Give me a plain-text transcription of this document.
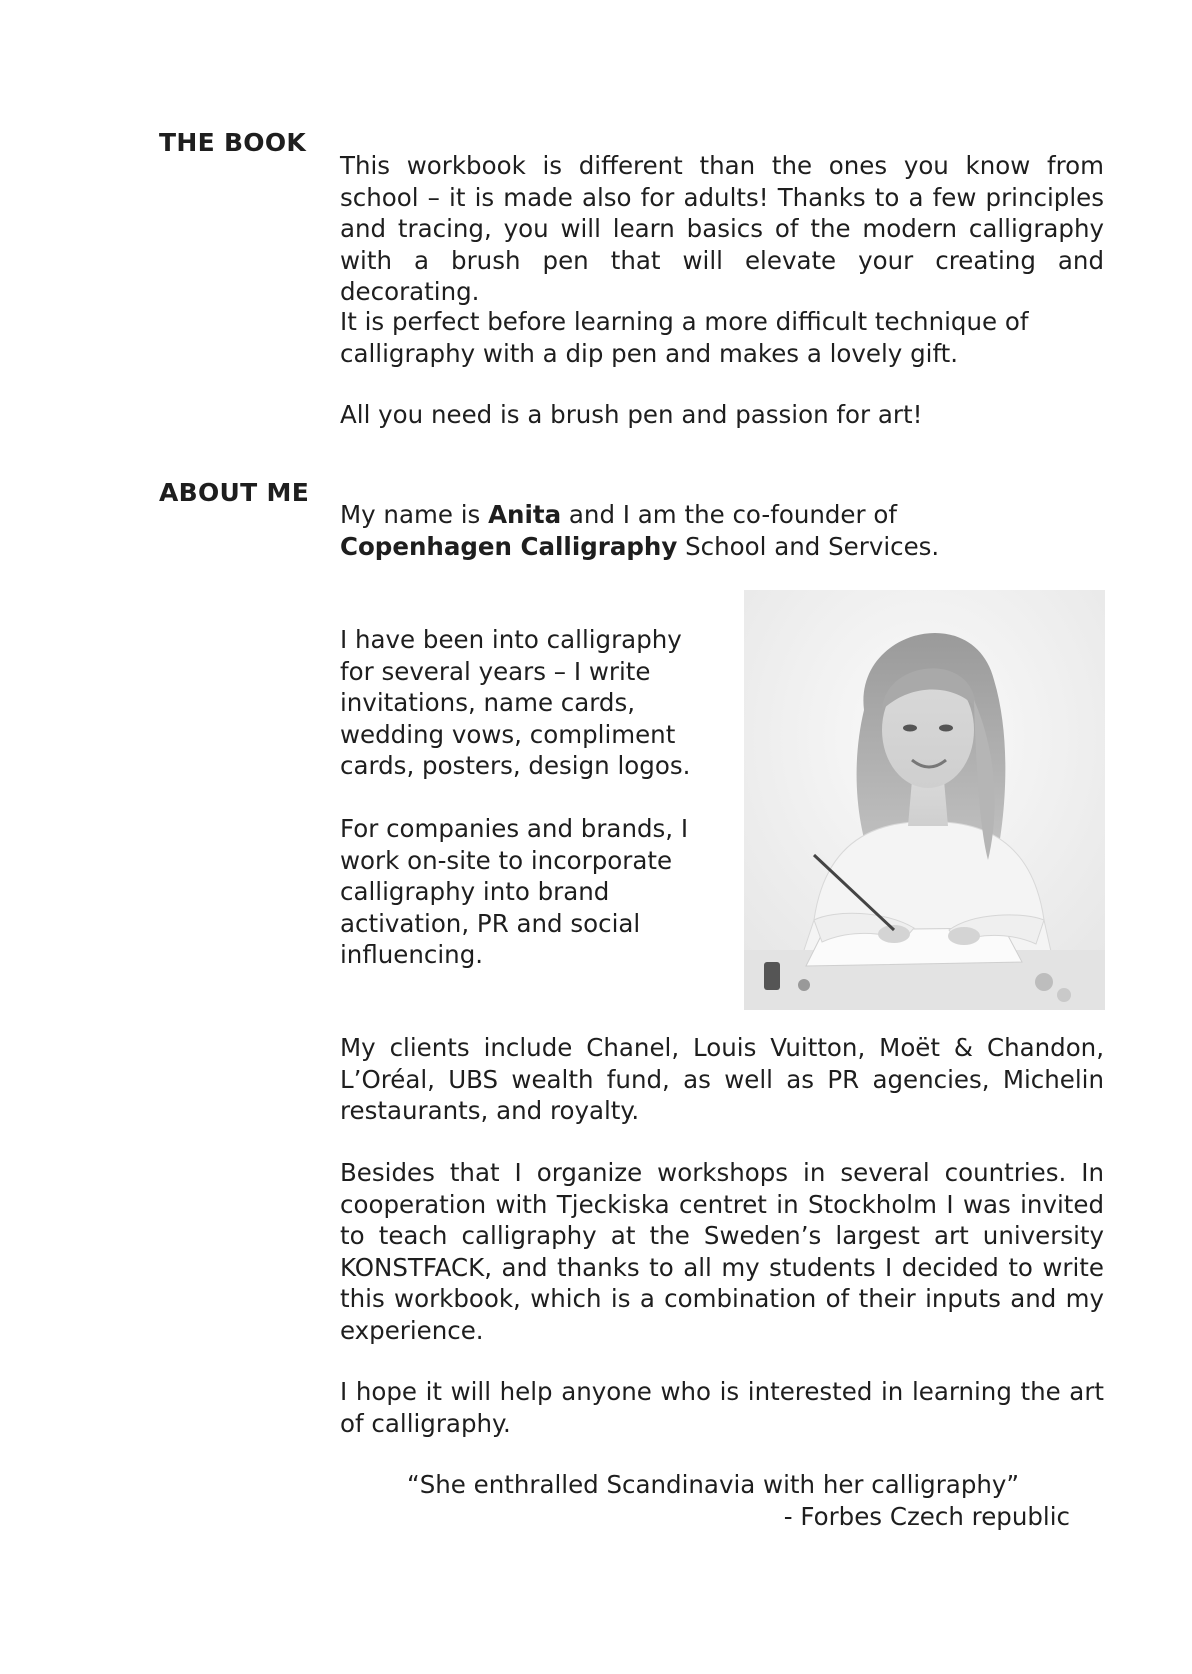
THE BOOK

This workbook is different than the ones you know from school – it is made also for adults! Thanks to a few principles and tracing, you will learn basics of the modern calligraphy with a brush pen that will elevate your creating and decorating.

It is perfect before learning a more difficult technique of calligraphy with a dip pen and makes a lovely gift.

All you need is a brush pen and passion for art!

ABOUT ME

My name is Anita and I am the co-founder of
Copenhagen Calligraphy School and Services.

I have been into calligraphy for several years – I write invitations, name cards, wedding vows, compliment cards, posters, design logos.

For companies and brands, I work on-site to incorporate calligraphy into brand activation, PR and social influencing.

My clients include Chanel, Louis Vuitton, Moët & Chandon, L’Oréal, UBS wealth fund, as well as PR agencies, Michelin restaurants, and royalty.

Besides that I organize workshops in several countries. In cooperation with Tjeckiska centret in Stockholm I was invited to teach calligraphy at the Sweden’s largest art university KONSTFACK, and thanks to all my students I decided to write this workbook, which is a combination of their inputs and my experience.

I hope it will help anyone who is interested in learning the art of calligraphy.

“She enthralled Scandinavia with her calligraphy”
- Forbes Czech republic
